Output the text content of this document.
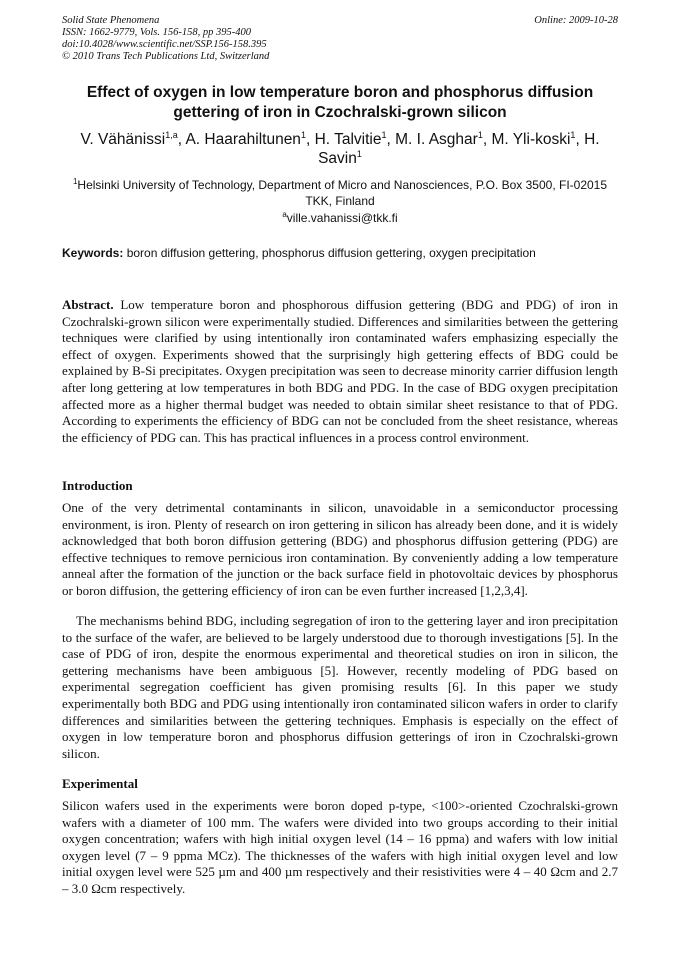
Solid State Phenomena
ISSN: 1662-9779, Vols. 156-158, pp 395-400
doi:10.4028/www.scientific.net/SSP.156-158.395
© 2010 Trans Tech Publications Ltd, Switzerland
Online: 2009-10-28
Effect of oxygen in low temperature boron and phosphorus diffusion gettering of iron in Czochralski-grown silicon
V. Vähänissi$^{1,a}$, A. Haarahiltunen$^1$, H. Talvitie$^1$, M. I. Asghar$^1$, M. Yli-koski$^1$, H. Savin$^1$
$^1$Helsinki University of Technology, Department of Micro and Nanosciences, P.O. Box 3500, FI-02015 TKK, Finland
$^a$ville.vahanissi@tkk.fi
Keywords: boron diffusion gettering, phosphorus diffusion gettering, oxygen precipitation

Abstract. Low temperature boron and phosphorous diffusion gettering (BDG and PDG) of iron in Czochralski-grown silicon were experimentally studied. Differences and similarities between the gettering techniques were clarified by using intentionally iron contaminated wafers emphasizing especially the effect of oxygen. Experiments showed that the surprisingly high gettering effects of BDG could be explained by B-Si precipitates. Oxygen precipitation was seen to decrease minority carrier diffusion length after long gettering at low temperatures in both BDG and PDG. In the case of BDG oxygen precipitation affected more as a higher thermal budget was needed to obtain similar sheet resistance to that of PDG. According to experiments the efficiency of BDG can not be concluded from the sheet resistance, whereas the efficiency of PDG can. This has practical influences in a process control environment.

Introduction

One of the very detrimental contaminants in silicon, unavoidable in a semiconductor processing environment, is iron. Plenty of research on iron gettering in silicon has already been done, and it is widely acknowledged that both boron diffusion gettering (BDG) and phosphorus diffusion gettering (PDG) are effective techniques to remove pernicious iron contamination. By conveniently adding a low temperature anneal after the formation of the junction or the back surface field in photovoltaic devices by phosphorus or boron diffusion, the gettering efficiency of iron can be even further increased [1,2,3,4].

The mechanisms behind BDG, including segregation of iron to the gettering layer and iron precipitation to the surface of the wafer, are believed to be largely understood due to thorough investigations [5]. In the case of PDG of iron, despite the enormous experimental and theoretical studies on iron in silicon, the gettering mechanisms have been ambiguous [5]. However, recently modeling of PDG based on experimental segregation coefficient has given promising results [6]. In this paper we study experimentally both BDG and PDG using intentionally iron contaminated silicon wafers in order to clarify differences and similarities between the gettering techniques. Emphasis is especially on the effect of oxygen in low temperature boron and phosphorus diffusion getterings of iron in Czochralski-grown silicon.

Experimental

Silicon wafers used in the experiments were boron doped p-type, <100>-oriented Czochralski-grown wafers with a diameter of 100 mm. The wafers were divided into two groups according to their initial oxygen concentration; wafers with high initial oxygen level (14 – 16 ppma) and wafers with low initial oxygen level (7 – 9 ppma MCz). The thicknesses of the wafers with high initial oxygen level and low initial oxygen level were 525 µm and 400 µm respectively and their resistivities were 4 – 40 Ωcm and 2.7 – 3.0 Ωcm respectively.
